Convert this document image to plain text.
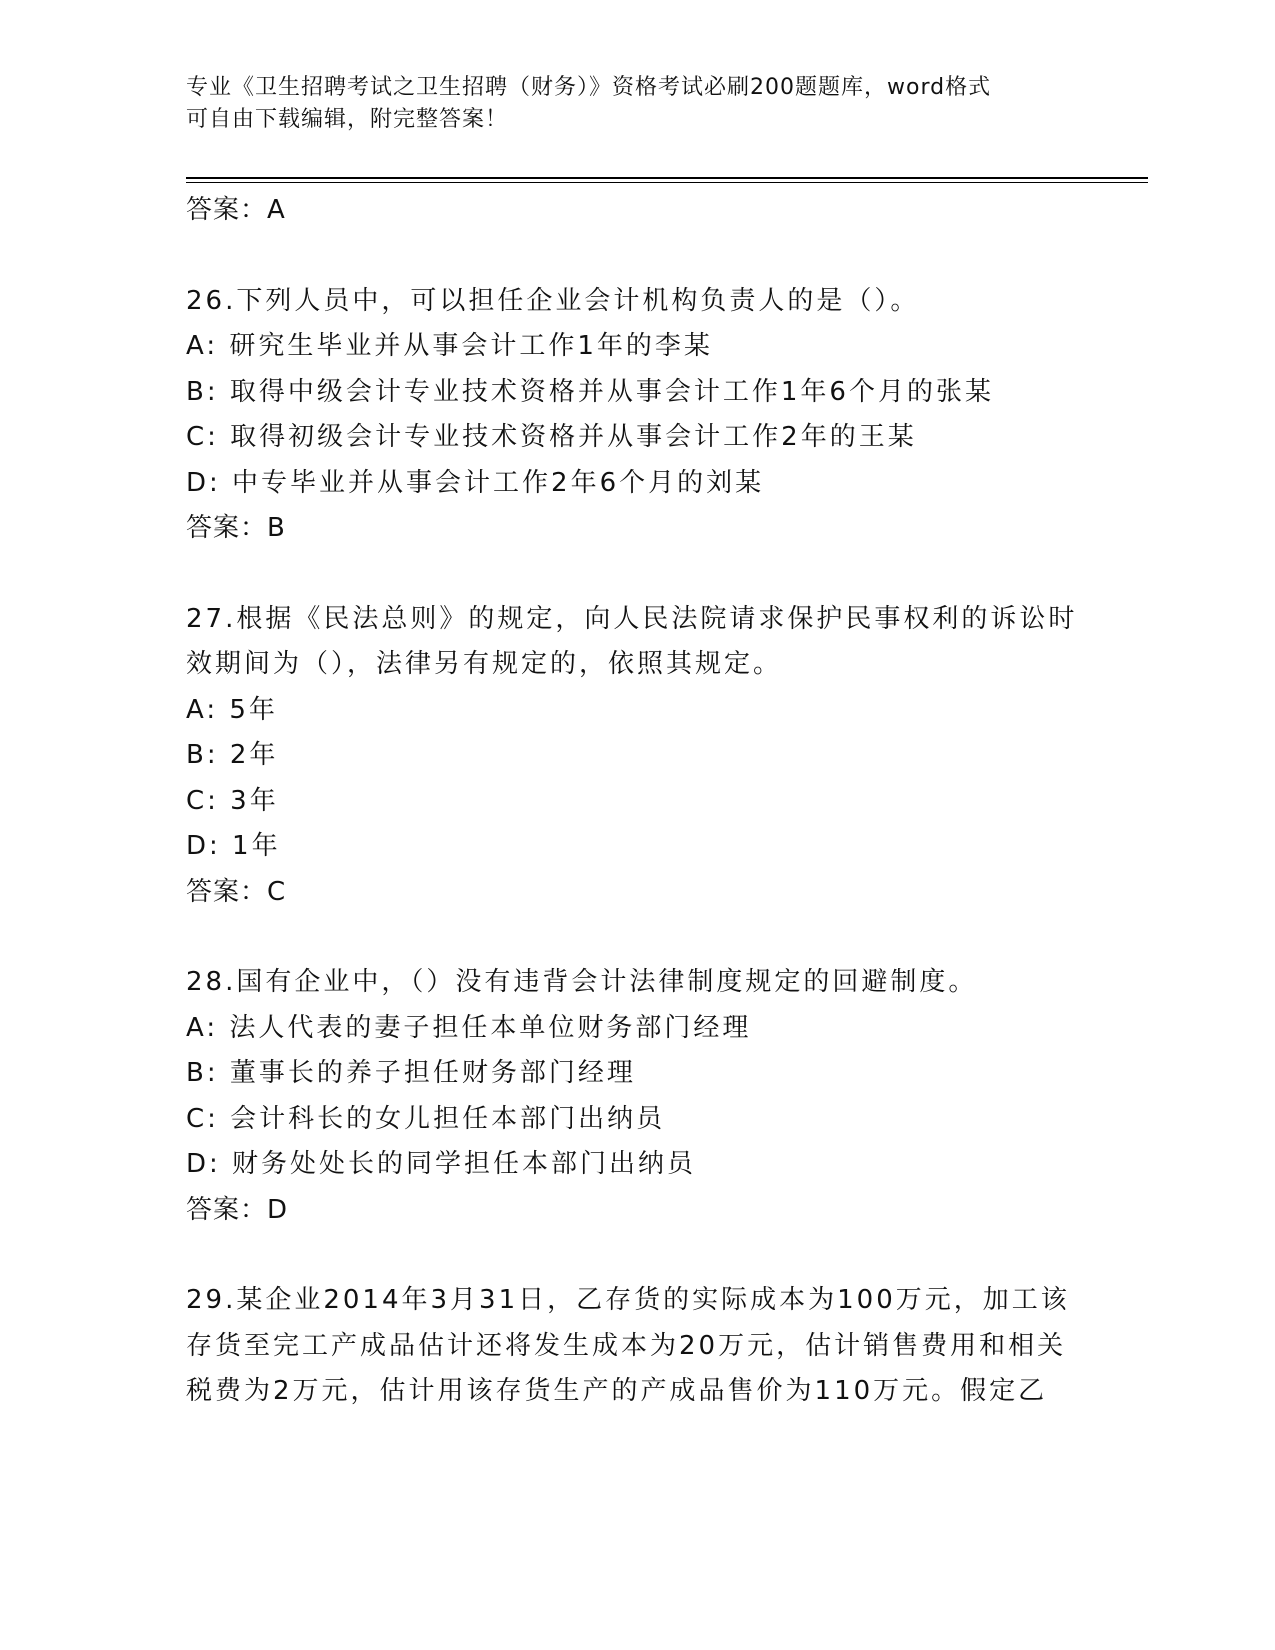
专业《卫生招聘考试之卫生招聘（财务）》资格考试必刷200题题库，word格式
可自由下载编辑，附完整答案！
答案：A
26.下列人员中，可以担任企业会计机构负责人的是（）。
A: 研究生毕业并从事会计工作1年的李某
B: 取得中级会计专业技术资格并从事会计工作1年6个月的张某
C: 取得初级会计专业技术资格并从事会计工作2年的王某
D: 中专毕业并从事会计工作2年6个月的刘某
答案：B
27.根据《民法总则》的规定，向人民法院请求保护民事权利的诉讼时
效期间为（），法律另有规定的，依照其规定。
A: 5年
B: 2年
C: 3年
D: 1年
答案：C
28.国有企业中，（）没有违背会计法律制度规定的回避制度。
A: 法人代表的妻子担任本单位财务部门经理
B: 董事长的养子担任财务部门经理
C: 会计科长的女儿担任本部门出纳员
D: 财务处处长的同学担任本部门出纳员
答案：D
29.某企业2014年3月31日，乙存货的实际成本为100万元，加工该
存货至完工产成品估计还将发生成本为20万元，估计销售费用和相关
税费为2万元，估计用该存货生产的产成品售价为110万元。假定乙
